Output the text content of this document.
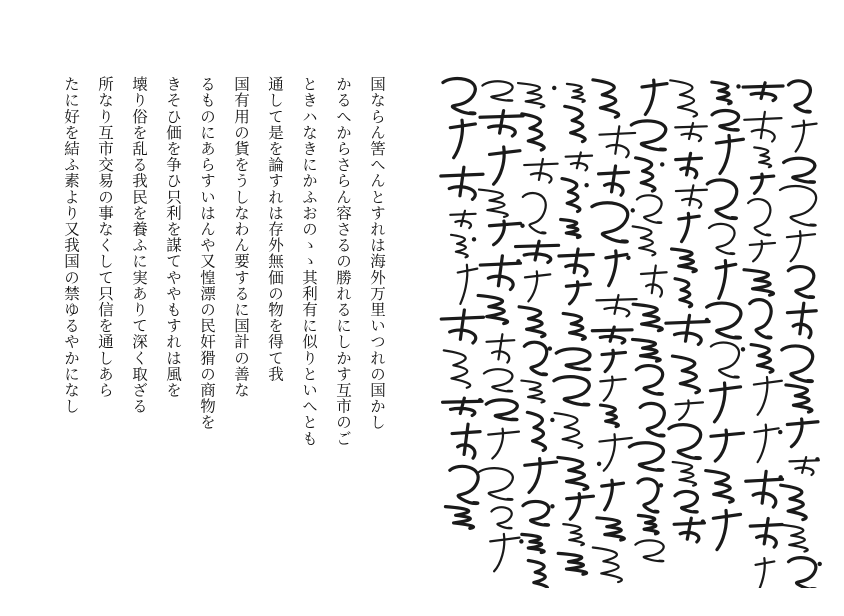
国ならん筈へんとすれは海外万里いつれの国かし
かるへからさらん容さるの勝れるにしかす互市のご
ときハなきにかふおのゝゝ其利有に似りといへとも
通して是を論すれは存外無価の物を得て我
国有用の貨をうしなわん要するに国計の善な
るものにあらすいはんや又惶漂の民奸猾の商物を
きそひ価を争ひ只利を謀てややもすれは風を
壊り俗を乱る我民を養ふに実ありて深く取ざる
所なり互市交易の事なくして只信を通しあら
たに好を結ふ素より又我国の禁ゆるやかになし
